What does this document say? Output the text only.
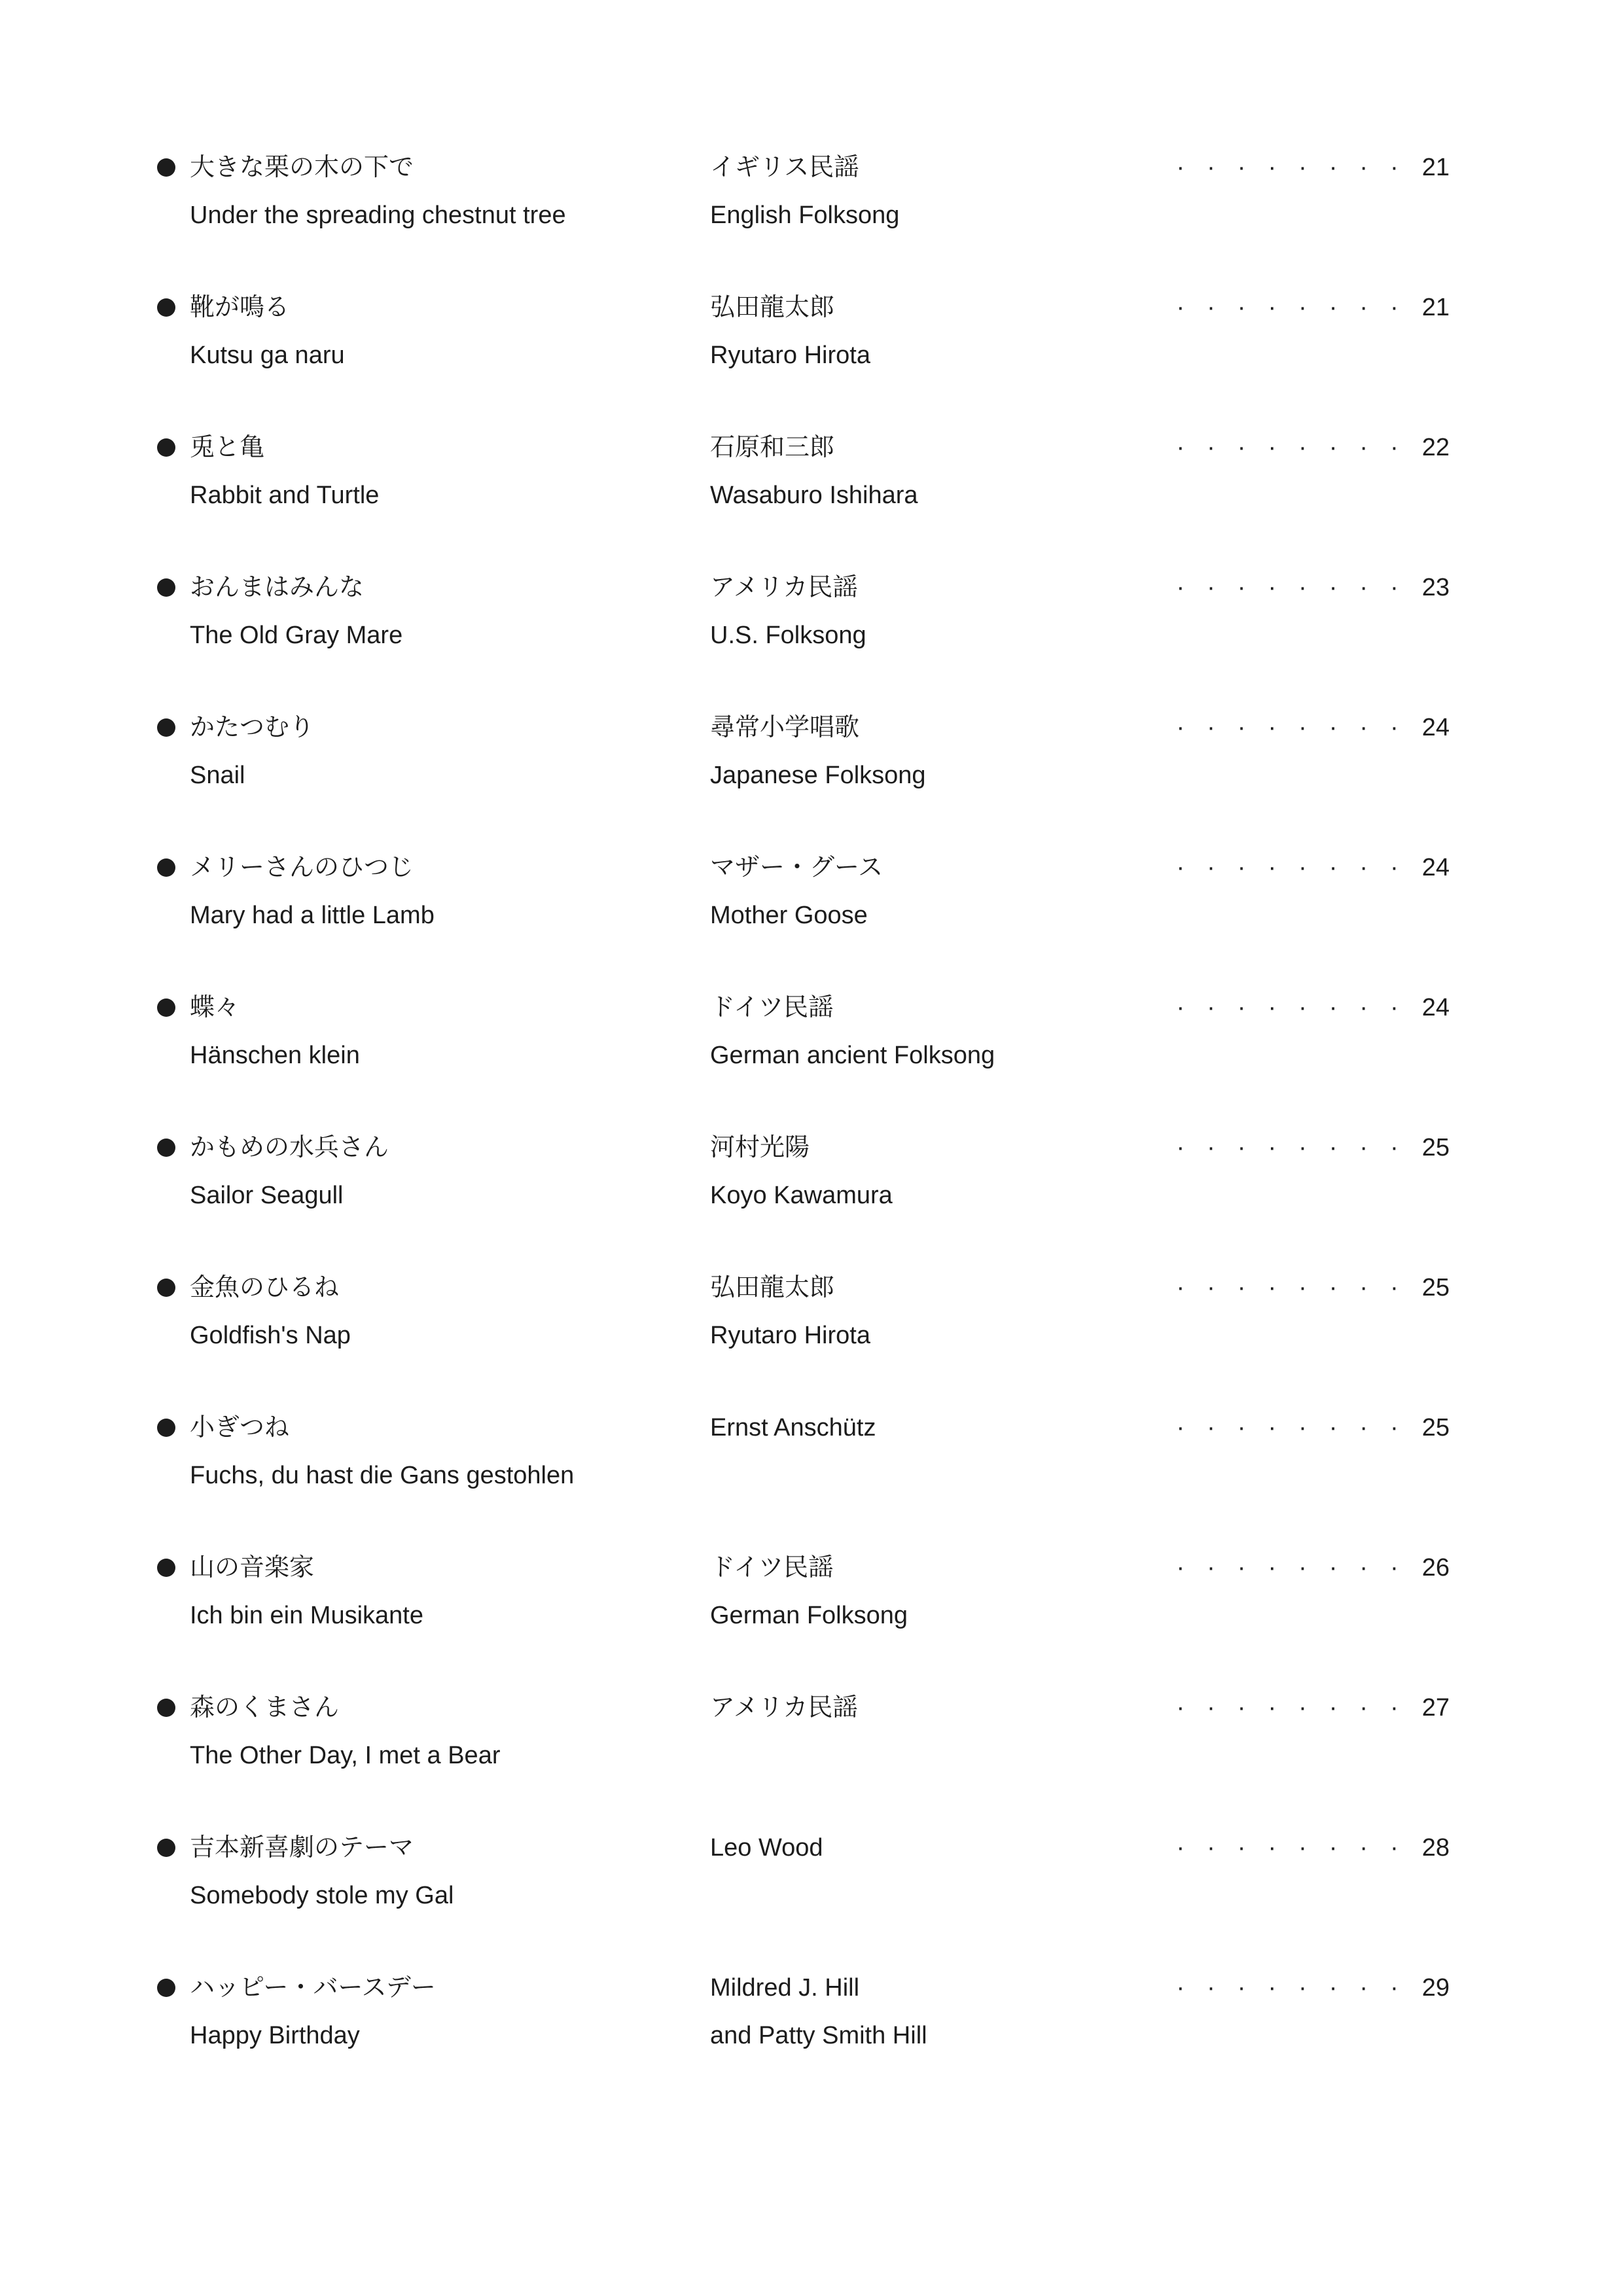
大きな栗の木の下で
Under the spreading chestnut tree
イギリス民謡
English Folksong
········ 21
靴が鳴る
Kutsu ga naru
弘田龍太郎
Ryutaro Hirota
········ 21
兎と亀
Rabbit and Turtle
石原和三郎
Wasaburo Ishihara
········ 22
おんまはみんな
The Old Gray Mare
アメリカ民謡
U.S. Folksong
········ 23
かたつむり
Snail
尋常小学唱歌
Japanese Folksong
········ 24
メリーさんのひつじ
Mary had a little Lamb
マザー・グース
Mother Goose
········ 24
蝶々
Hänschen klein
ドイツ民謡
German ancient Folksong
········ 24
かもめの水兵さん
Sailor Seagull
河村光陽
Koyo Kawamura
········ 25
金魚のひるね
Goldfish's Nap
弘田龍太郎
Ryutaro Hirota
········ 25
小ぎつね
Fuchs, du hast die Gans gestohlen
Ernst Anschütz	········ 25
山の音楽家
Ich bin ein Musikante
ドイツ民謡
German Folksong
········ 26
森のくまさん
The Other Day, I met a Bear
アメリカ民謡	········ 27
吉本新喜劇のテーマ
Somebody stole my Gal
Leo Wood	········ 28
ハッピー・バースデー
Happy Birthday
Mildred J. Hill
and Patty Smith Hill
········ 29
